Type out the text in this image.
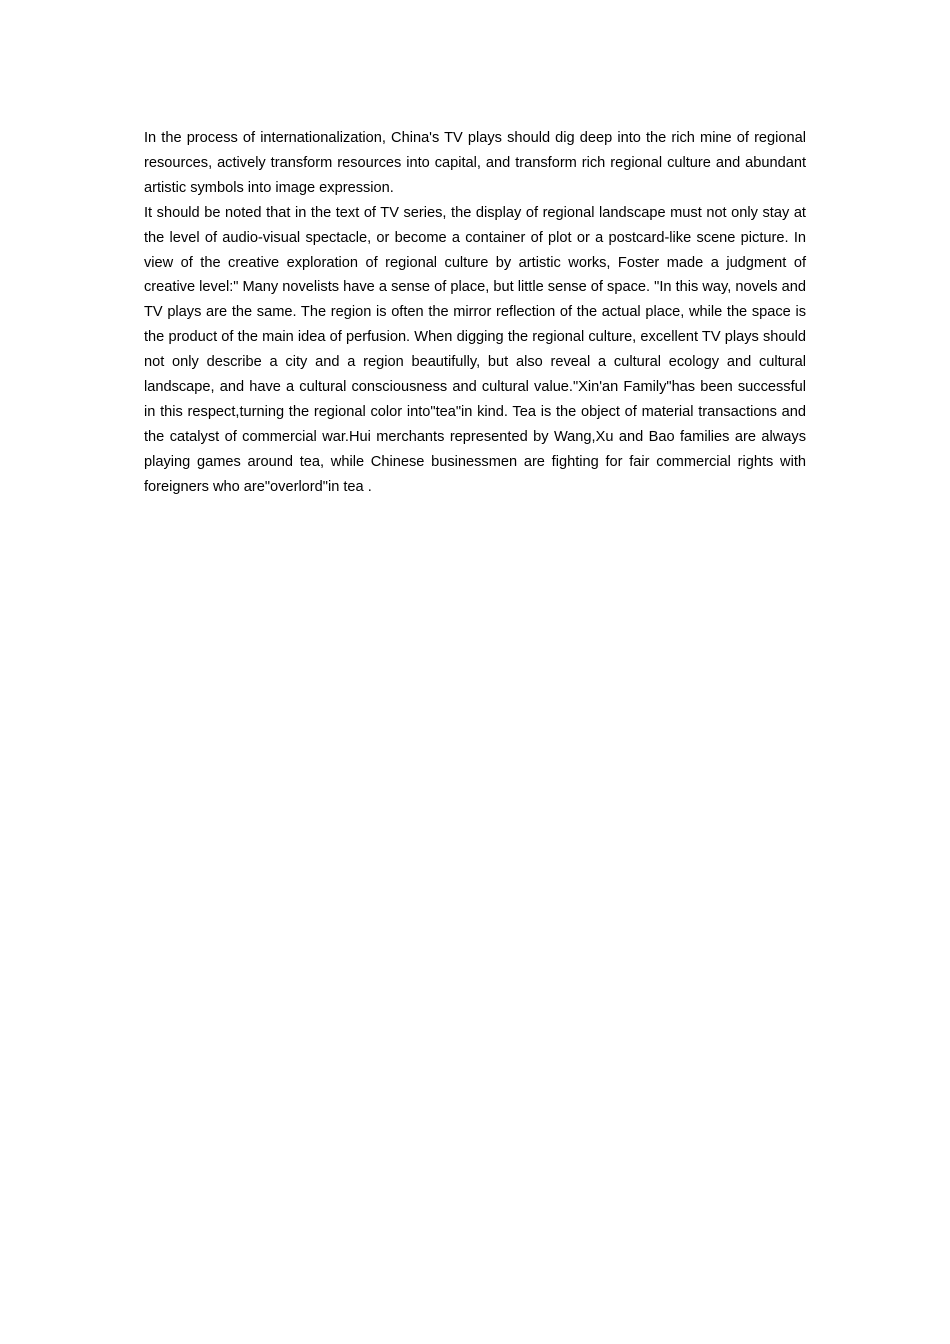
In the process of internationalization, China's TV plays should dig deep into the rich mine of regional resources, actively transform resources into capital, and transform rich regional culture and abundant artistic symbols into image expression.

It should be noted that in the text of TV series, the display of regional landscape must not only stay at the level of audio-visual spectacle, or become a container of plot or a postcard-like scene picture. In view of the creative exploration of regional culture by artistic works, Foster made a judgment of creative level:" Many novelists have a sense of place, but little sense of space. "In this way, novels and TV plays are the same. The region is often the mirror reflection of the actual place, while the space is the product of the main idea of perfusion. When digging the regional culture, excellent TV plays should not only describe a city and a region beautifully, but also reveal a cultural ecology and cultural landscape, and have a cultural consciousness and cultural value."Xin'an Family"has been successful in this respect,turning the regional color into"tea"in kind. Tea is the object of material transactions and the catalyst of commercial war.Hui merchants represented by Wang,Xu and Bao families are always playing games around tea, while Chinese businessmen are fighting for fair commercial rights with foreigners who are"overlord"in tea .
